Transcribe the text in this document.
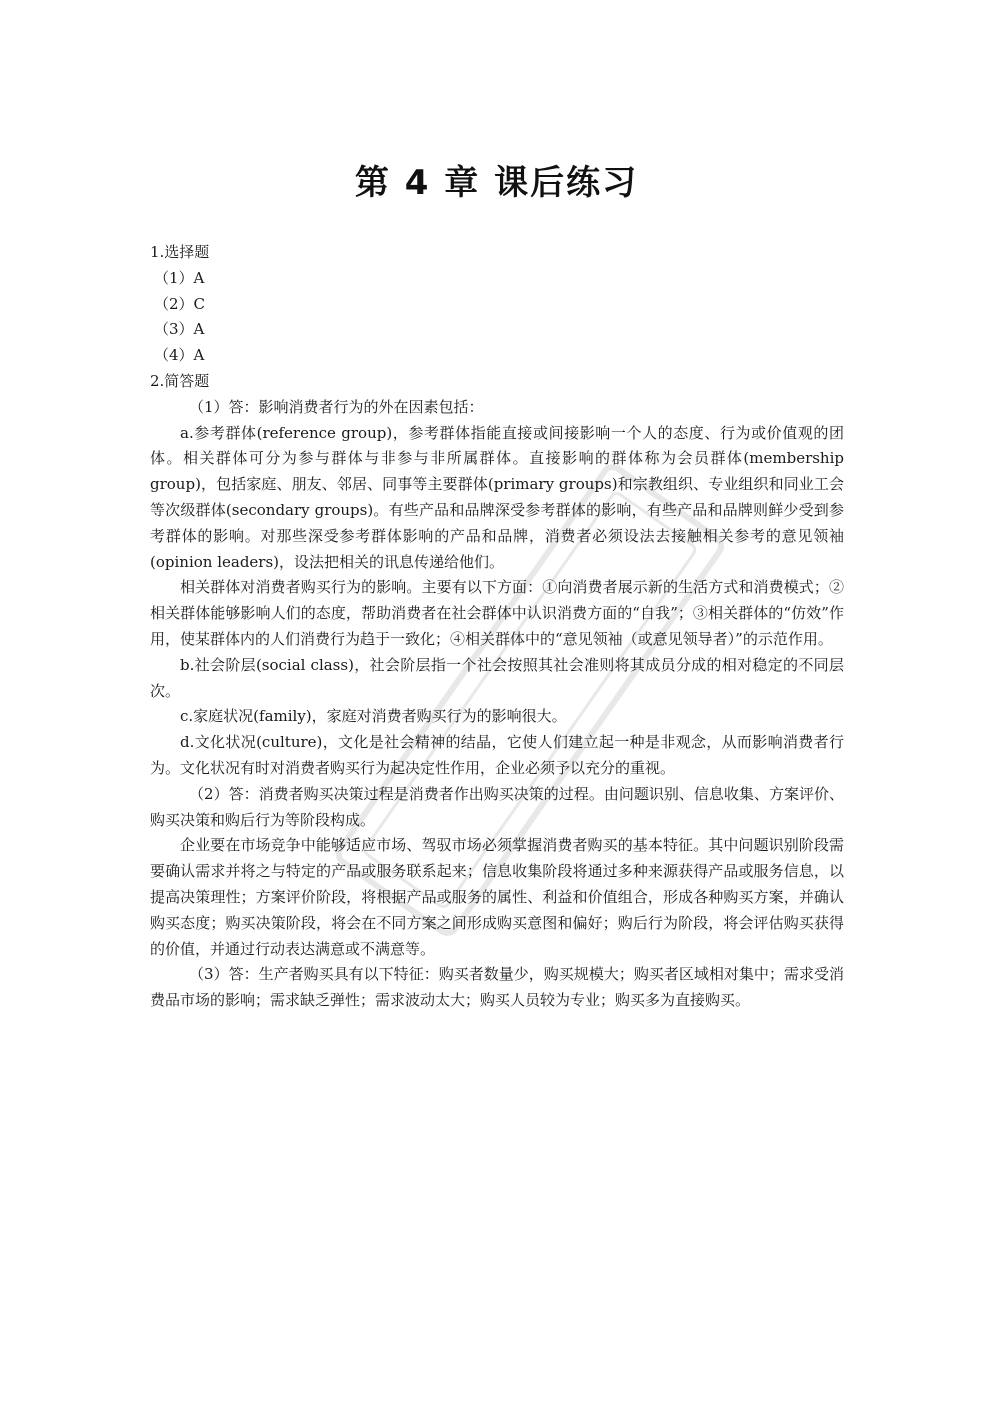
第 4 章 课后练习

1.选择题

（1）A

（2）C

（3）A

（4）A

2.简答题

（1）答：影响消费者行为的外在因素包括：

a.参考群体(reference group)，参考群体指能直接或间接影响一个人的态度、行为或价值观的团体。相关群体可分为参与群体与非参与非所属群体。直接影响的群体称为会员群体(membership group)，包括家庭、朋友、邻居、同事等主要群体(primary groups)和宗教组织、专业组织和同业工会等次级群体(secondary groups)。有些产品和品牌深受参考群体的影响，有些产品和品牌则鲜少受到参考群体的影响。对那些深受参考群体影响的产品和品牌，消费者必须设法去接触相关参考的意见领袖(opinion leaders)，设法把相关的讯息传递给他们。

相关群体对消费者购买行为的影响。主要有以下方面：①向消费者展示新的生活方式和消费模式；②相关群体能够影响人们的态度，帮助消费者在社会群体中认识消费方面的“自我”；③相关群体的“仿效”作用，使某群体内的人们消费行为趋于一致化；④相关群体中的“意见领袖（或意见领导者）”的示范作用。

b.社会阶层(social class)，社会阶层指一个社会按照其社会准则将其成员分成的相对稳定的不同层次。

c.家庭状况(family)，家庭对消费者购买行为的影响很大。

d.文化状况(culture)，文化是社会精神的结晶，它使人们建立起一种是非观念，从而影响消费者行为。文化状况有时对消费者购买行为起决定性作用，企业必须予以充分的重视。

（2）答：消费者购买决策过程是消费者作出购买决策的过程。由问题识别、信息收集、方案评价、购买决策和购后行为等阶段构成。

企业要在市场竞争中能够适应市场、驾驭市场必须掌握消费者购买的基本特征。其中问题识别阶段需要确认需求并将之与特定的产品或服务联系起来；信息收集阶段将通过多种来源获得产品或服务信息，以提高决策理性；方案评价阶段，将根据产品或服务的属性、利益和价值组合，形成各种购买方案，并确认购买态度；购买决策阶段，将会在不同方案之间形成购买意图和偏好；购后行为阶段，将会评估购买获得的价值，并通过行动表达满意或不满意等。

（3）答：生产者购买具有以下特征：购买者数量少，购买规模大；购买者区域相对集中；需求受消费品市场的影响；需求缺乏弹性；需求波动太大；购买人员较为专业；购买多为直接购买。
